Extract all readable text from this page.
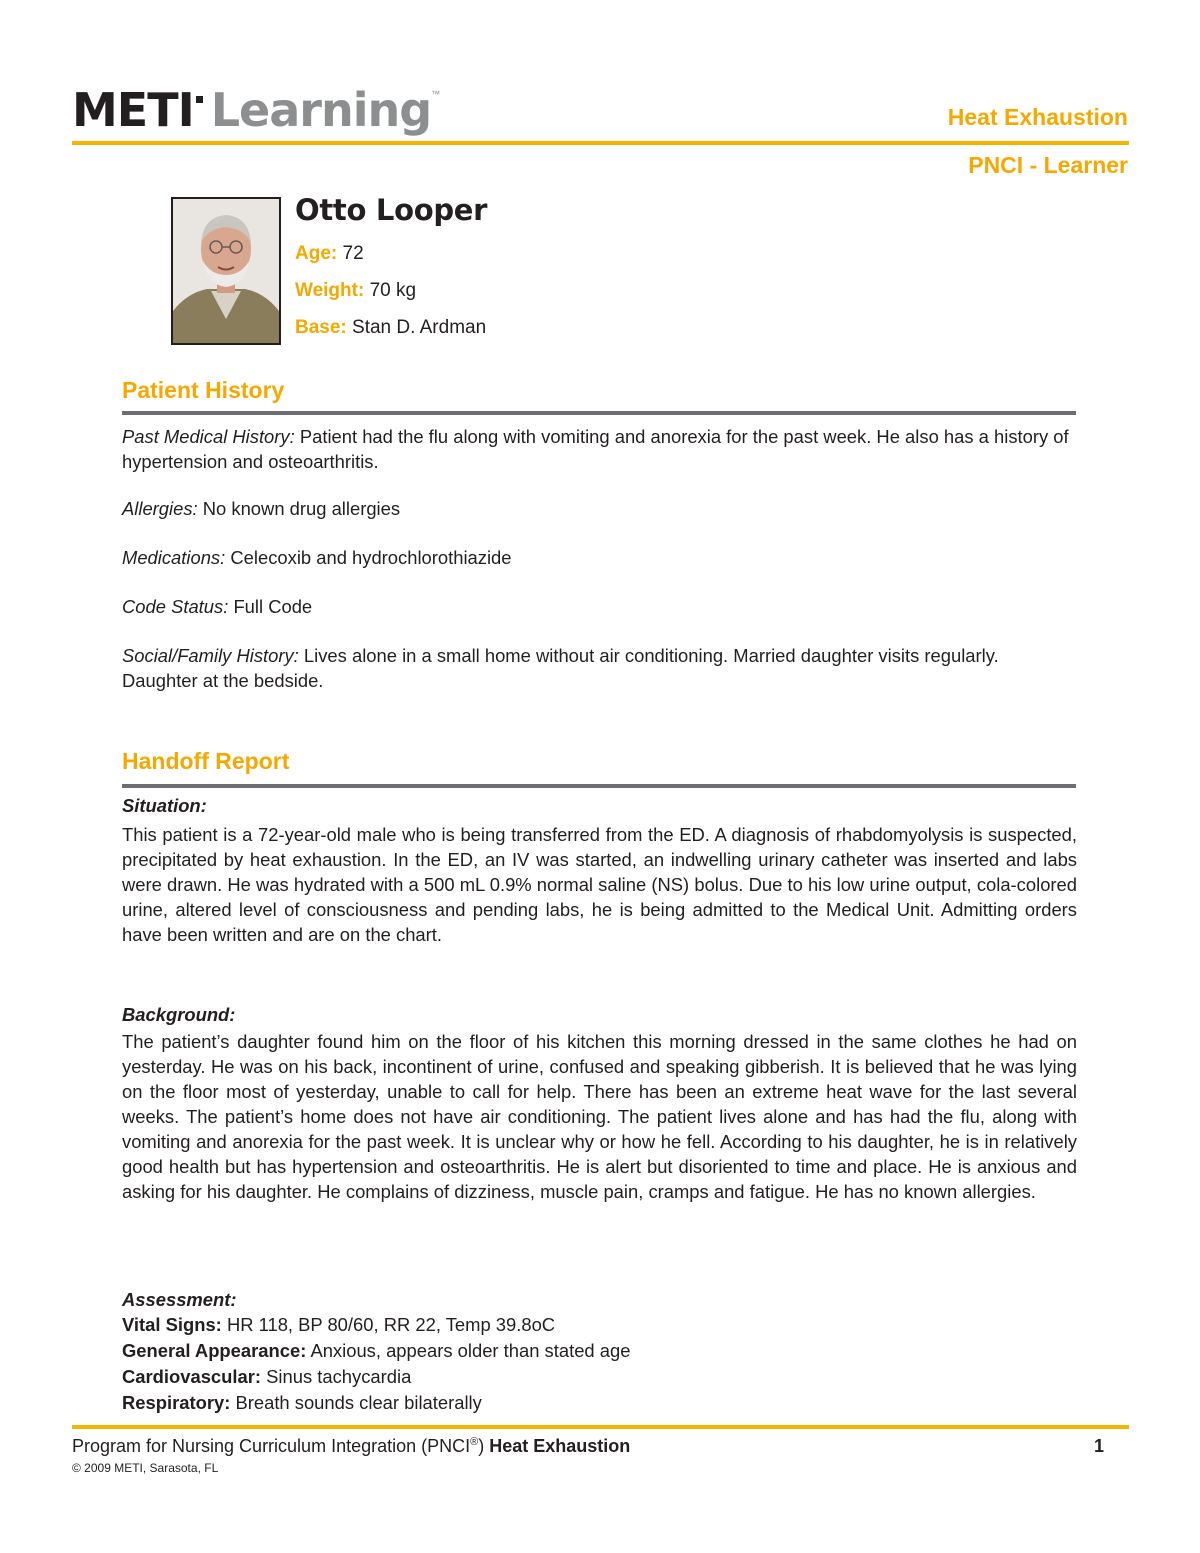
METI Learning™
Heat Exhaustion
PNCI - Learner
Otto Looper
Age: 72
Weight: 70 kg
Base: Stan D. Ardman
Patient History
Past Medical History: Patient had the flu along with vomiting and anorexia for the past week. He also has a history of hypertension and osteoarthritis.
Allergies: No known drug allergies
Medications: Celecoxib and hydrochlorothiazide
Code Status: Full Code
Social/Family History: Lives alone in a small home without air conditioning. Married daughter visits regularly. Daughter at the bedside.
Handoff Report
Situation:
This patient is a 72-year-old male who is being transferred from the ED. A diagnosis of rhabdomyolysis is suspected, precipitated by heat exhaustion. In the ED, an IV was started, an indwelling urinary catheter was inserted and labs were drawn. He was hydrated with a 500 mL 0.9% normal saline (NS) bolus. Due to his low urine output, cola-colored urine, altered level of consciousness and pending labs, he is being admitted to the Medical Unit. Admitting orders have been written and are on the chart.
Background:
The patient’s daughter found him on the floor of his kitchen this morning dressed in the same clothes he had on yesterday. He was on his back, incontinent of urine, confused and speaking gibberish. It is believed that he was lying on the floor most of yesterday, unable to call for help. There has been an extreme heat wave for the last several weeks. The patient’s home does not have air conditioning. The patient lives alone and has had the flu, along with vomiting and anorexia for the past week. It is unclear why or how he fell. According to his daughter, he is in relatively good health but has hypertension and osteoarthritis. He is alert but disoriented to time and place. He is anxious and asking for his daughter. He complains of dizziness, muscle pain, cramps and fatigue. He has no known allergies.
Assessment:
Vital Signs: HR 118, BP 80/60, RR 22, Temp 39.8oC
General Appearance: Anxious, appears older than stated age
Cardiovascular: Sinus tachycardia
Respiratory: Breath sounds clear bilaterally
Program for Nursing Curriculum Integration (PNCI®) Heat Exhaustion
© 2009 METI, Sarasota, FL
1
